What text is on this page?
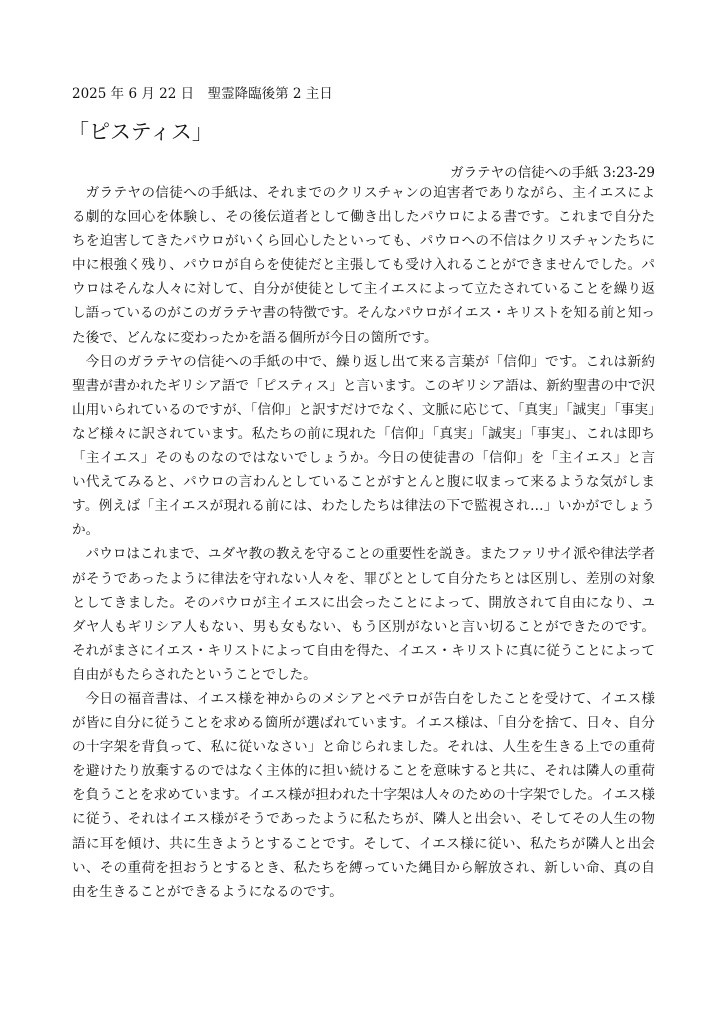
2025 年 6 月 22 日　聖霊降臨後第 2 主日
「ピスティス」
ガラテヤの信徒への手紙 3:23-29

ガラテヤの信徒への手紙は、それまでのクリスチャンの迫害者でありながら、主イエスによる劇的な回心を体験し、その後伝道者として働き出したパウロによる書です。これまで自分たちを迫害してきたパウロがいくら回心したといっても、パウロへの不信はクリスチャンたちに中に根強く残り、パウロが自らを使徒だと主張しても受け入れることができませんでした。パウロはそんな人々に対して、自分が使徒として主イエスによって立たされていることを繰り返し語っているのがこのガラテヤ書の特徴です。そんなパウロがイエス・キリストを知る前と知った後で、どんなに変わったかを語る個所が今日の箇所です。

今日のガラテヤの信徒への手紙の中で、繰り返し出て来る言葉が「信仰」です。これは新約聖書が書かれたギリシア語で「ピスティス」と言います。このギリシア語は、新約聖書の中で沢山用いられているのですが、「信仰」と訳すだけでなく、文脈に応じて、「真実」「誠実」「事実」など様々に訳されています。私たちの前に現れた「信仰」「真実」「誠実」「事実」、これは即ち「主イエス」そのものなのではないでしょうか。今日の使徒書の「信仰」を「主イエス」と言い代えてみると、パウロの言わんとしていることがすとんと腹に収まって来るような気がします。例えば「主イエスが現れる前には、わたしたちは律法の下で監視され…」いかがでしょうか。

パウロはこれまで、ユダヤ教の教えを守ることの重要性を説き。またファリサイ派や律法学者がそうであったように律法を守れない人々を、罪びととして自分たちとは区別し、差別の対象としてきました。そのパウロが主イエスに出会ったことによって、開放されて自由になり、ユダヤ人もギリシア人もない、男も女もない、もう区別がないと言い切ることができたのです。それがまさにイエス・キリストによって自由を得た、イエス・キリストに真に従うことによって自由がもたらされたということでした。

今日の福音書は、イエス様を神からのメシアとペテロが告白をしたことを受けて、イエス様が皆に自分に従うことを求める箇所が選ばれています。イエス様は、「自分を捨て、日々、自分の十字架を背負って、私に従いなさい」と命じられました。それは、人生を生きる上での重荷を避けたり放棄するのではなく主体的に担い続けることを意味すると共に、それは隣人の重荷を負うことを求めています。イエス様が担われた十字架は人々のための十字架でした。イエス様に従う、それはイエス様がそうであったように私たちが、隣人と出会い、そしてその人生の物語に耳を傾け、共に生きようとすることです。そして、イエス様に従い、私たちが隣人と出会い、その重荷を担おうとするとき、私たちを縛っていた縄目から解放され、新しい命、真の自由を生きることができるようになるのです。
